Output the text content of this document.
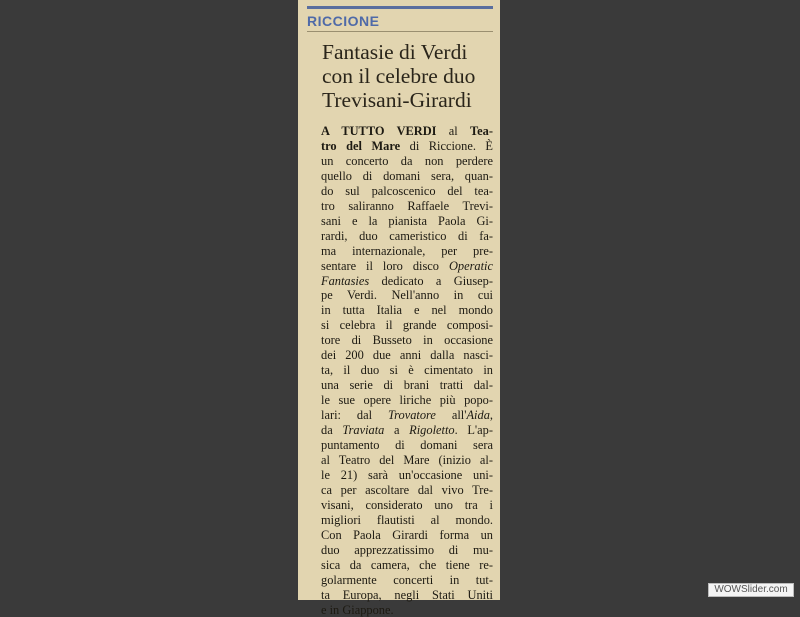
RICCIONE
Fantasie di Verdi
con il celebre duo
Trevisani-Girardi
A TUTTO VERDI al Tea-
tro del Mare di Riccione. È
un concerto da non perdere
quello di domani sera, quan-
do sul palcoscenico del tea-
tro saliranno Raffaele Trevi-
sani e la pianista Paola Gi-
rardi, duo cameristico di fa-
ma internazionale, per pre-
sentare il loro disco Operatic
Fantasies dedicato a Giusep-
pe Verdi. Nell'anno in cui
in tutta Italia e nel mondo
si celebra il grande composi-
tore di Busseto in occasione
dei 200 due anni dalla nasci-
ta, il duo si è cimentato in
una serie di brani tratti dal-
le sue opere liriche più popo-
lari: dal Trovatore all'Aida,
da Traviata a Rigoletto. L'ap-
puntamento di domani sera
al Teatro del Mare (inizio al-
le 21) sarà un'occasione uni-
ca per ascoltare dal vivo Tre-
visani, considerato uno tra i
migliori flautisti al mondo.
Con Paola Girardi forma un
duo apprezzatissimo di mu-
sica da camera, che tiene re-
golarmente concerti in tut-
ta Europa, negli Stati Uniti
e in Giappone.
WOWSlider.com
